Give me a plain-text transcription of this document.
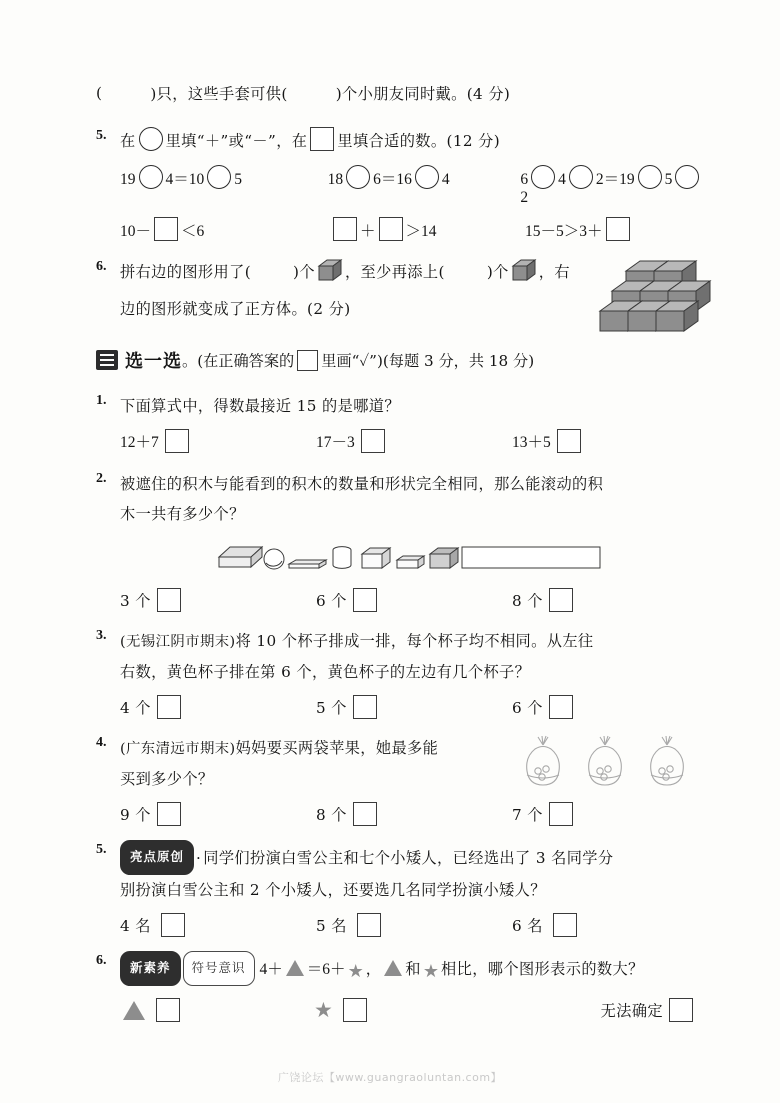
(	)只，这些手套可供(	)个小朋友同时戴。(4 分)
5. 在 里填“＋”或“－”，在 里填合适的数。(12 分)
19 4＝10 5	18 6＝16 4	6 4 2＝19 52
10－ ＜6	＋ ＞14	15－5＞3＋
6. 拼右边的图形用了(	)个 ，至少再添上(	)个 ，右
边的图形就变成了正方体。(2 分)
选一选 。(在正确答案的 里画“✓”)(每题 3 分，共 18 分)
1. 下面算式中，得数最接近 15 的是哪道？
12＋7	17－3	13＋5
2. 被遮住的积木与能看到的积木的数量和形状完全相同，那么能滚动的积
木一共有多少个？
3 个	6 个	8 个
3. (无锡江阴市期末)将 10 个杯子排成一排，每个杯子均不相同。从左往
右数，黄色杯子排在第 6 个，黄色杯子的左边有几个杯子？
4 个	5 个	6 个
4. (广东清远市期末)妈妈要买两袋苹果，她最多能
买到多少个？
9 个	8 个	7 个
5.	亮点原创 · 同学们扮演白雪公主和七个小矮人，已经选出了 3 名同学分
别扮演白雪公主和 2 个小矮人，还要选几名同学扮演小矮人？
4 名	5 名	6 名
6.	新素养 符号意识 4＋ ＝6＋ ★ ， 和 ★ 相比，哪个图形表示的数大？
★	无法确定
广饶论坛【www.guangraoluntan.com】
